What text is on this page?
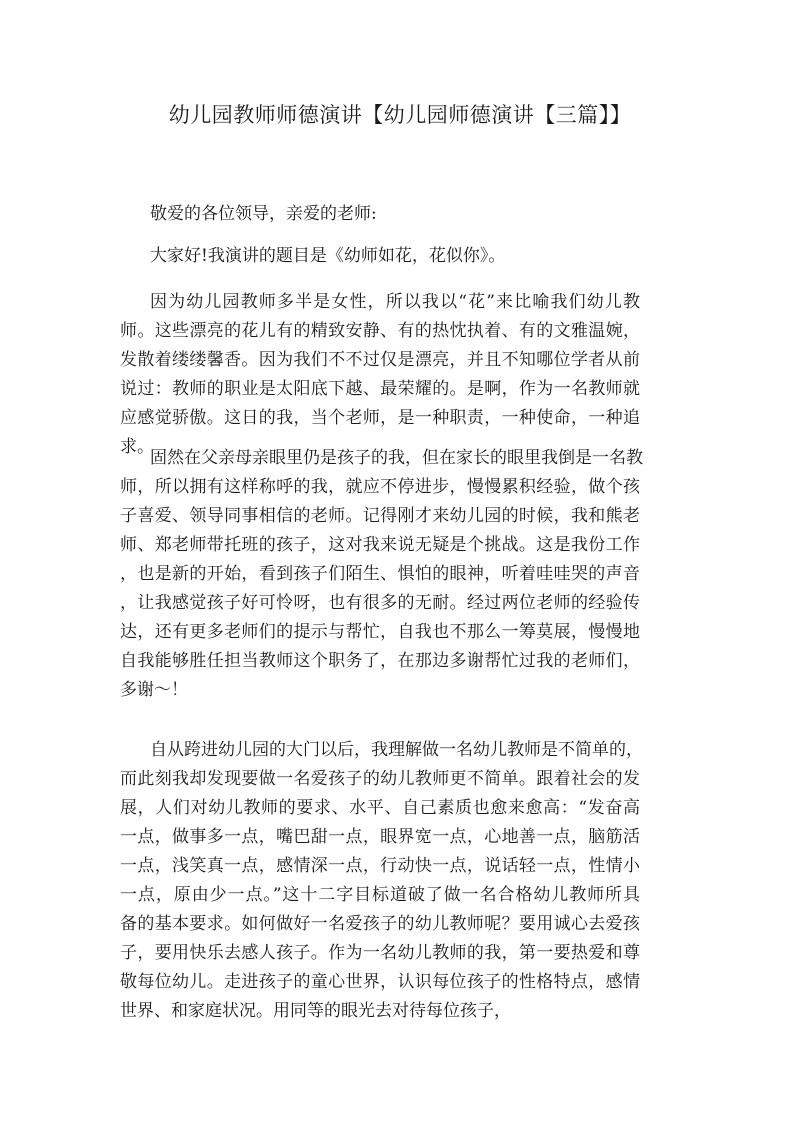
幼儿园教师师德演讲【幼儿园师德演讲【三篇】】
敬爱的各位领导，亲爱的老师:
大家好!我演讲的题目是《幼师如花，花似你》。
因为幼儿园教师多半是女性，所以我以“花”来比喻我们幼儿教
师。这些漂亮的花儿有的精致安静、有的热忱执着、有的文雅温婉，
发散着缕缕馨香。因为我们不不过仅是漂亮，并且不知哪位学者从前
说过：教师的职业是太阳底下越、最荣耀的。是啊，作为一名教师就
应感觉骄傲。这日的我，当个老师，是一种职责，一种使命，一种追
求。
固然在父亲母亲眼里仍是孩子的我，但在家长的眼里我倒是一名教
师，所以拥有这样称呼的我，就应不停进步，慢慢累积经验，做个孩
子喜爱、领导同事相信的老师。记得刚才来幼儿园的时候，我和熊老
师、郑老师带托班的孩子，这对我来说无疑是个挑战。这是我份工作
，也是新的开始，看到孩子们陌生、惧怕的眼神，听着哇哇哭的声音
，让我感觉孩子好可怜呀，也有很多的无耐。经过两位老师的经验传
达，还有更多老师们的提示与帮忙，自我也不那么一筹莫展，慢慢地
自我能够胜任担当教师这个职务了，在那边多谢帮忙过我的老师们，
多谢～！
自从跨进幼儿园的大门以后，我理解做一名幼儿教师是不简单的，
而此刻我却发现要做一名爱孩子的幼儿教师更不简单。跟着社会的发
展，人们对幼儿教师的要求、水平、自己素质也愈来愈高：“发奋高
一点，做事多一点，嘴巴甜一点，眼界宽一点，心地善一点，脑筋活
一点，浅笑真一点，感情深一点，行动快一点，说话轻一点，性情小
一点，原由少一点。”这十二字目标道破了做一名合格幼儿教师所具
备的基本要求。如何做好一名爱孩子的幼儿教师呢？要用诚心去爱孩
子，要用快乐去感人孩子。作为一名幼儿教师的我，第一要热爱和尊
敬每位幼儿。走进孩子的童心世界，认识每位孩子的性格特点，感情
世界、和家庭状况。用同等的眼光去对待每位孩子，
